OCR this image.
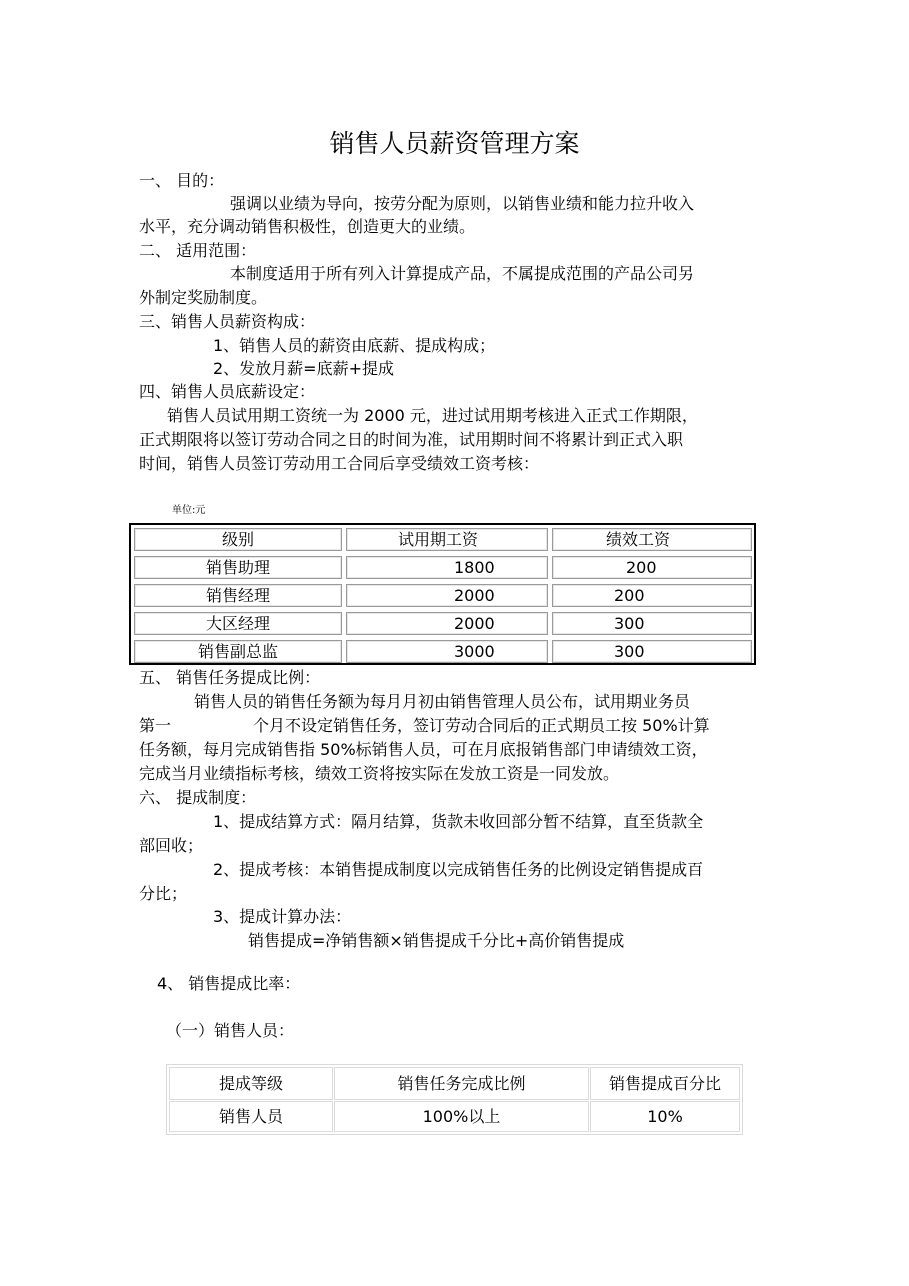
销售人员薪资管理方案
一、 目的：
强调以业绩为导向，按劳分配为原则，以销售业绩和能力拉升收入
水平，充分调动销售积极性，创造更大的业绩。
二、 适用范围：
本制度适用于所有列入计算提成产品，不属提成范围的产品公司另
外制定奖励制度。
三、销售人员薪资构成：
1、销售人员的薪资由底薪、提成构成；
2、发放月薪=底薪+提成
四、销售人员底薪设定：
销售人员试用期工资统一为 2000 元，进过试用期考核进入正式工作期限，
正式期限将以签订劳动合同之日的时间为准，试用期时间不将累计到正式入职
时间，销售人员签订劳动用工合同后享受绩效工资考核：
单位:元
级别	试用期工资	绩效工资
销售助理	1800	200
销售经理	2000	200
大区经理	2000	300
销售副总监	3000	300
五、 销售任务提成比例：
销售人员的销售任务额为每月月初由销售管理人员公布，试用期业务员
第一	个月不设定销售任务，签订劳动合同后的正式期员工按 50%计算
任务额，每月完成销售指 50%标销售人员，可在月底报销售部门申请绩效工资，
完成当月业绩指标考核，绩效工资将按实际在发放工资是一同发放。
六、 提成制度：
1、提成结算方式：隔月结算，货款未收回部分暂不结算，直至货款全
部回收；
2、提成考核：本销售提成制度以完成销售任务的比例设定销售提成百
分比；
3、提成计算办法：
销售提成=净销售额×销售提成千分比+高价销售提成
4、 销售提成比率：
（一）销售人员：
提成等级	销售任务完成比例	销售提成百分比
销售人员	100%以上	10%
